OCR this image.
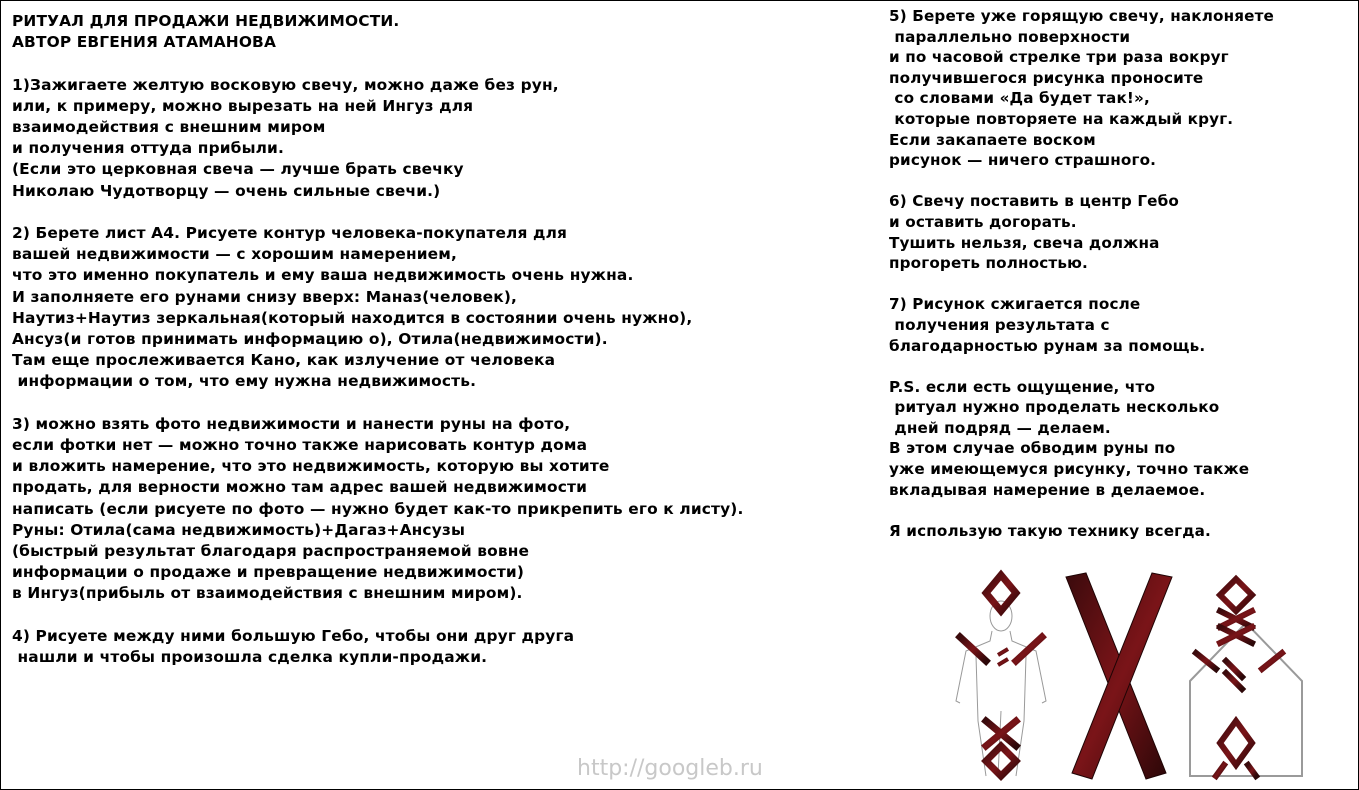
РИТУАЛ ДЛЯ ПРОДАЖИ НЕДВИЖИМОСТИ.
АВТОР ЕВГЕНИЯ АТАМАНОВА
1)Зажигаете желтую восковую свечу, можно даже без рун,
или, к примеру, можно вырезать на ней Ингуз для
взаимодействия с внешним миром
и получения оттуда прибыли.
(Если это церковная свеча — лучше брать свечку
Николаю Чудотворцу — очень сильные свечи.)
2) Берете лист А4. Рисуете контур человека-покупателя для
вашей недвижимости — с хорошим намерением,
что это именно покупатель и ему ваша недвижимость очень нужна.
И заполняете его рунами снизу вверх: Маназ(человек),
Наутиз+Наутиз зеркальная(который находится в состоянии очень нужно),
Ансуз(и готов принимать информацию о), Отила(недвижимости).
Там еще прослеживается Кано, как излучение от человека
информации о том, что ему нужна недвижимость.
3) можно взять фото недвижимости и нанести руны на фото,
если фотки нет — можно точно также нарисовать контур дома
и вложить намерение, что это недвижимость, которую вы хотите
продать, для верности можно там адрес вашей недвижимости
написать (если рисуете по фото — нужно будет как-то прикрепить его к листу).
Руны: Отила(сама недвижимость)+Дагаз+Ансузы
(быстрый результат благодаря распространяемой вовне
информации о продаже и превращение недвижимости)
в Ингуз(прибыль от взаимодействия с внешним миром).
4) Рисуете между ними большую Гебо, чтобы они друг друга
нашли и чтобы произошла сделка купли-продажи.
5) Берете уже горящую свечу, наклоняете
параллельно поверхности
и по часовой стрелке три раза вокруг
получившегося рисунка проносите
со словами «Да будет так!»,
которые повторяете на каждый круг.
Если закапаете воском
рисунок — ничего страшного.
6) Свечу поставить в центр Гебо
и оставить догорать.
Тушить нельзя, свеча должна
прогореть полностью.
7) Рисунок сжигается после
получения результата с
благодарностью рунам за помощь.
P.S. если есть ощущение, что
ритуал нужно проделать несколько
дней подряд — делаем.
В этом случае обводим руны по
уже имеющемуся рисунку, точно также
вкладывая намерение в делаемое.
Я использую такую технику всегда.
http://googleb.ru
